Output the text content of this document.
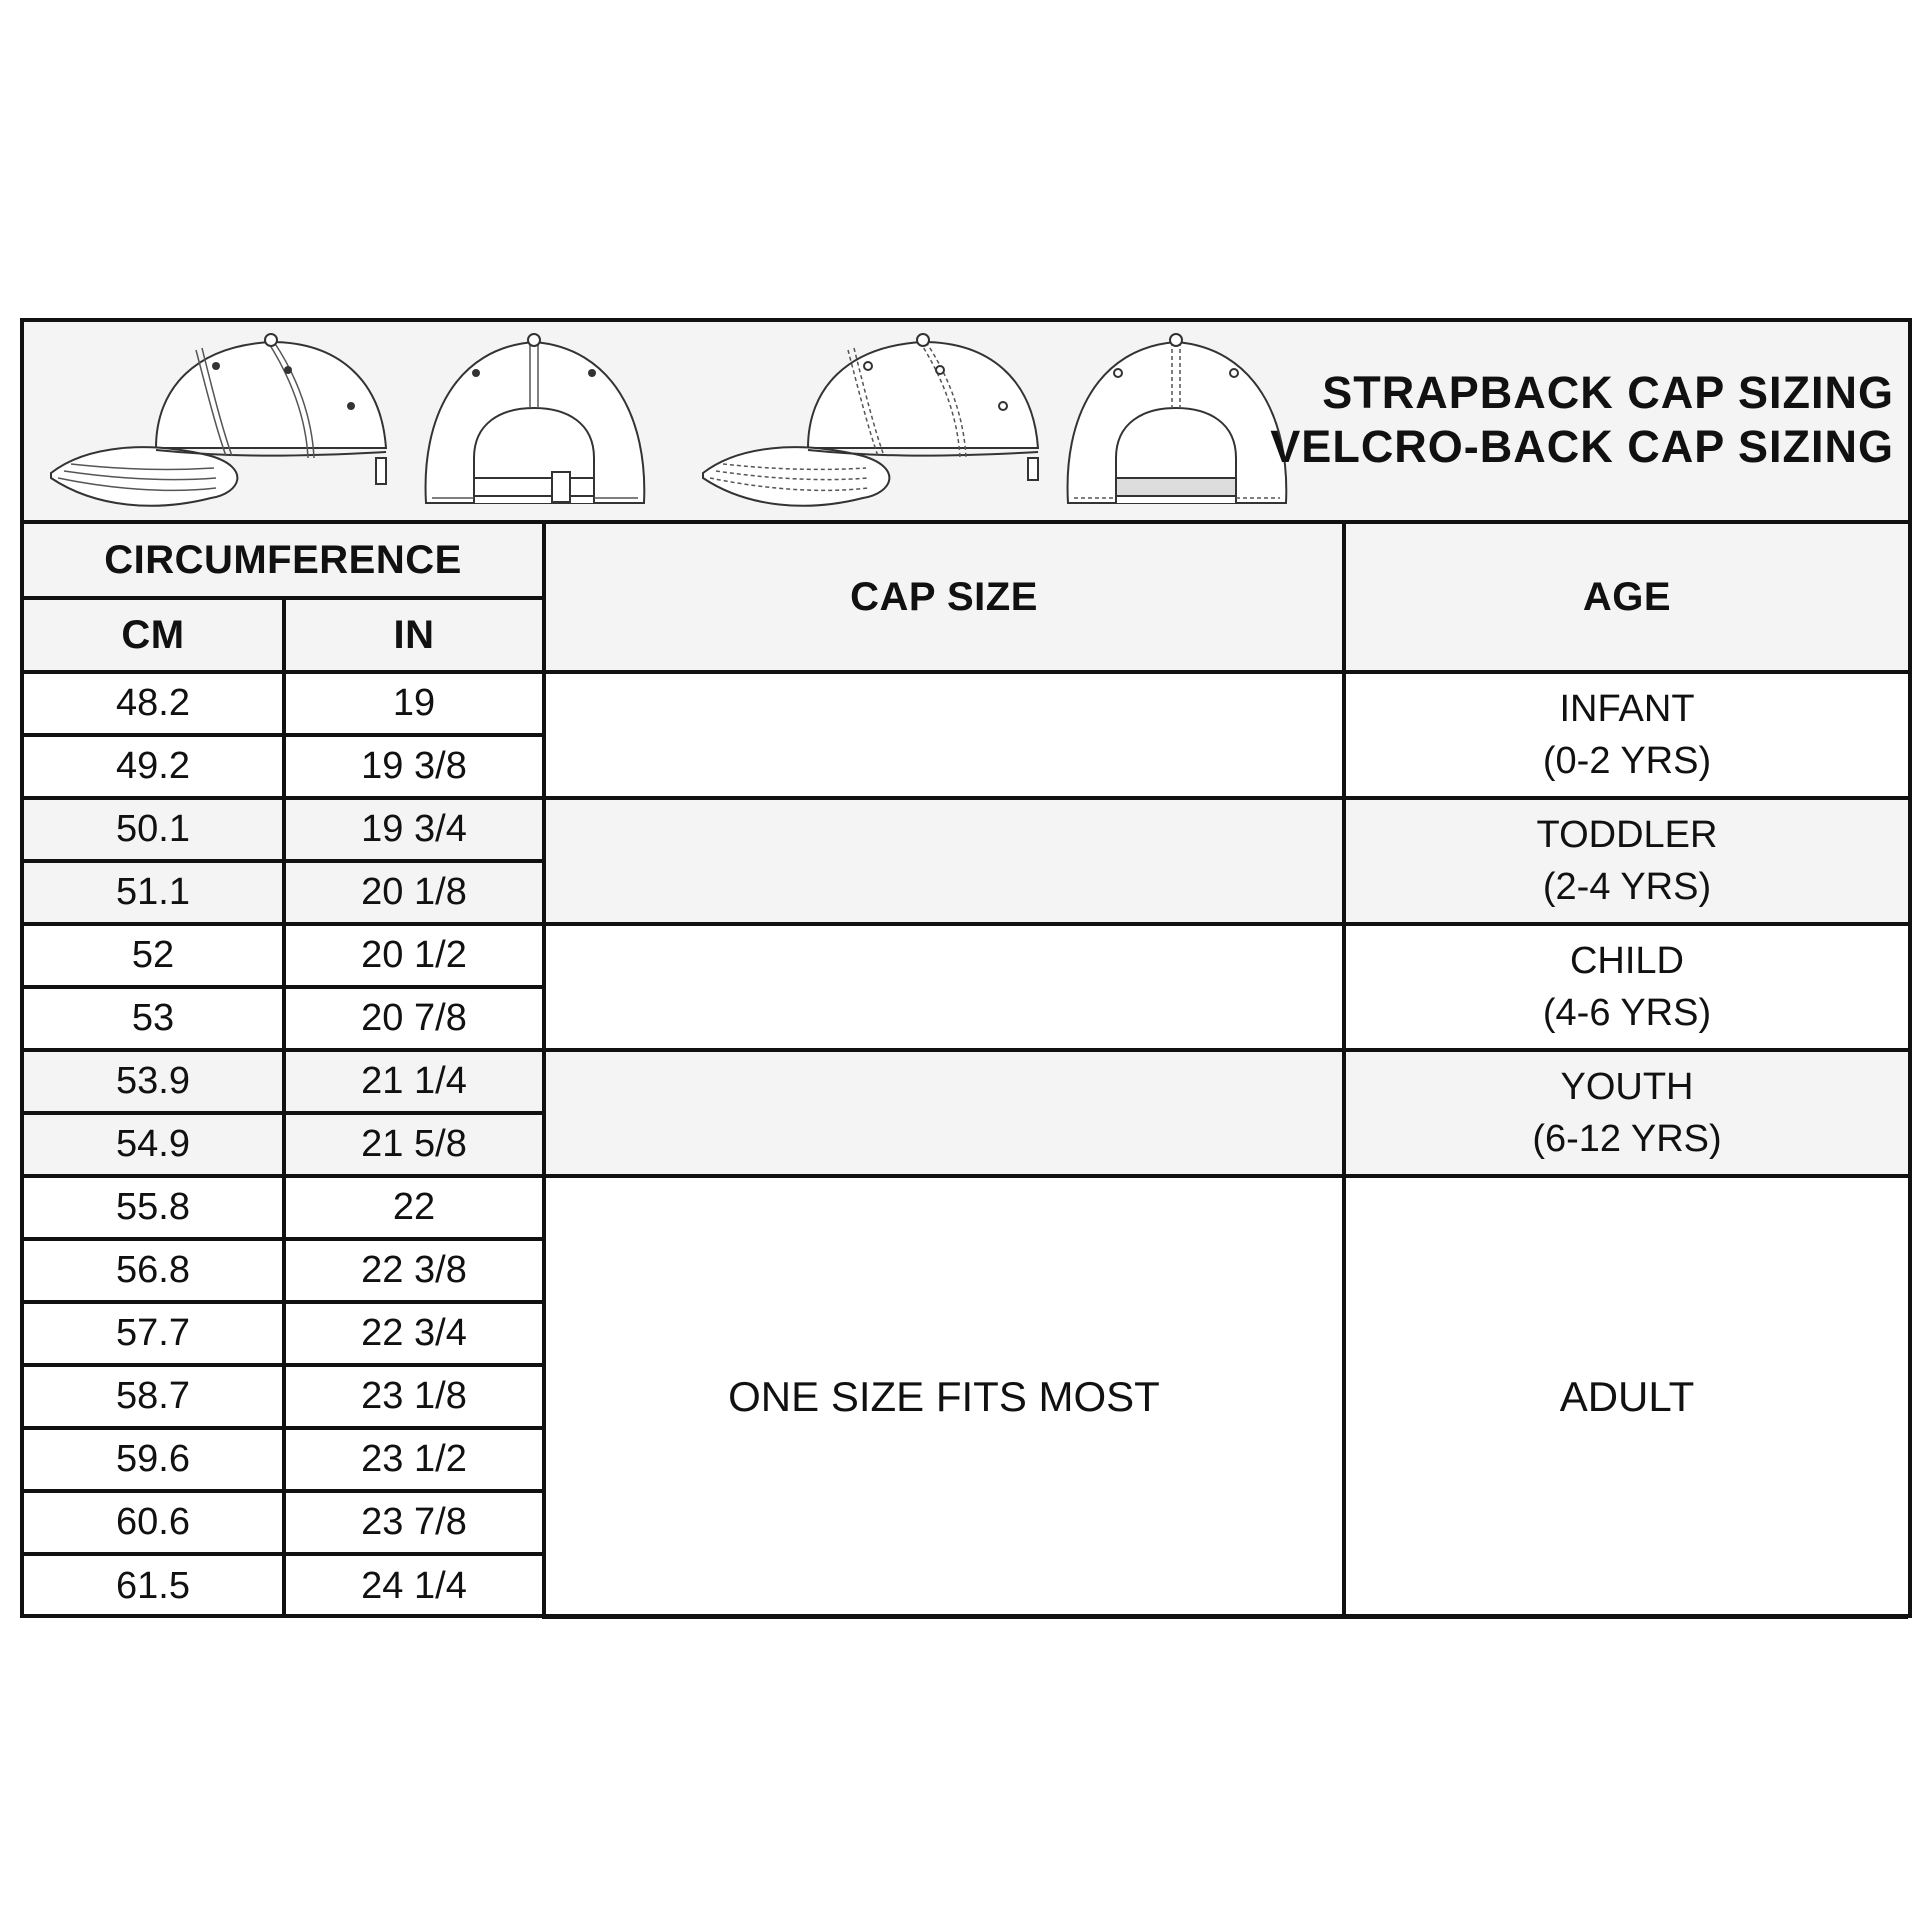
STRAPBACK CAP SIZING
VELCRO-BACK CAP SIZING
CIRCUMFERENCE		CAP SIZE	AGE
CM	IN		
48.2	19		INFANT
(0-2 YRS)

49.2	19 3/8		
50.1	19 3/4		TODDLER
(2-4 YRS)

51.1	20 1/8		
52	20 1/2		CHILD
(4-6 YRS)

53	20 7/8		
53.9	21 1/4		YOUTH
(6-12 YRS)

54.9	21 5/8		
55.8	22	ONE SIZE FITS MOST	ADULT
56.8	22 3/8		
57.7	22 3/4		
58.7	23 1/8		
59.6	23 1/2		
60.6	23 7/8		
61.5	24 1/4		
